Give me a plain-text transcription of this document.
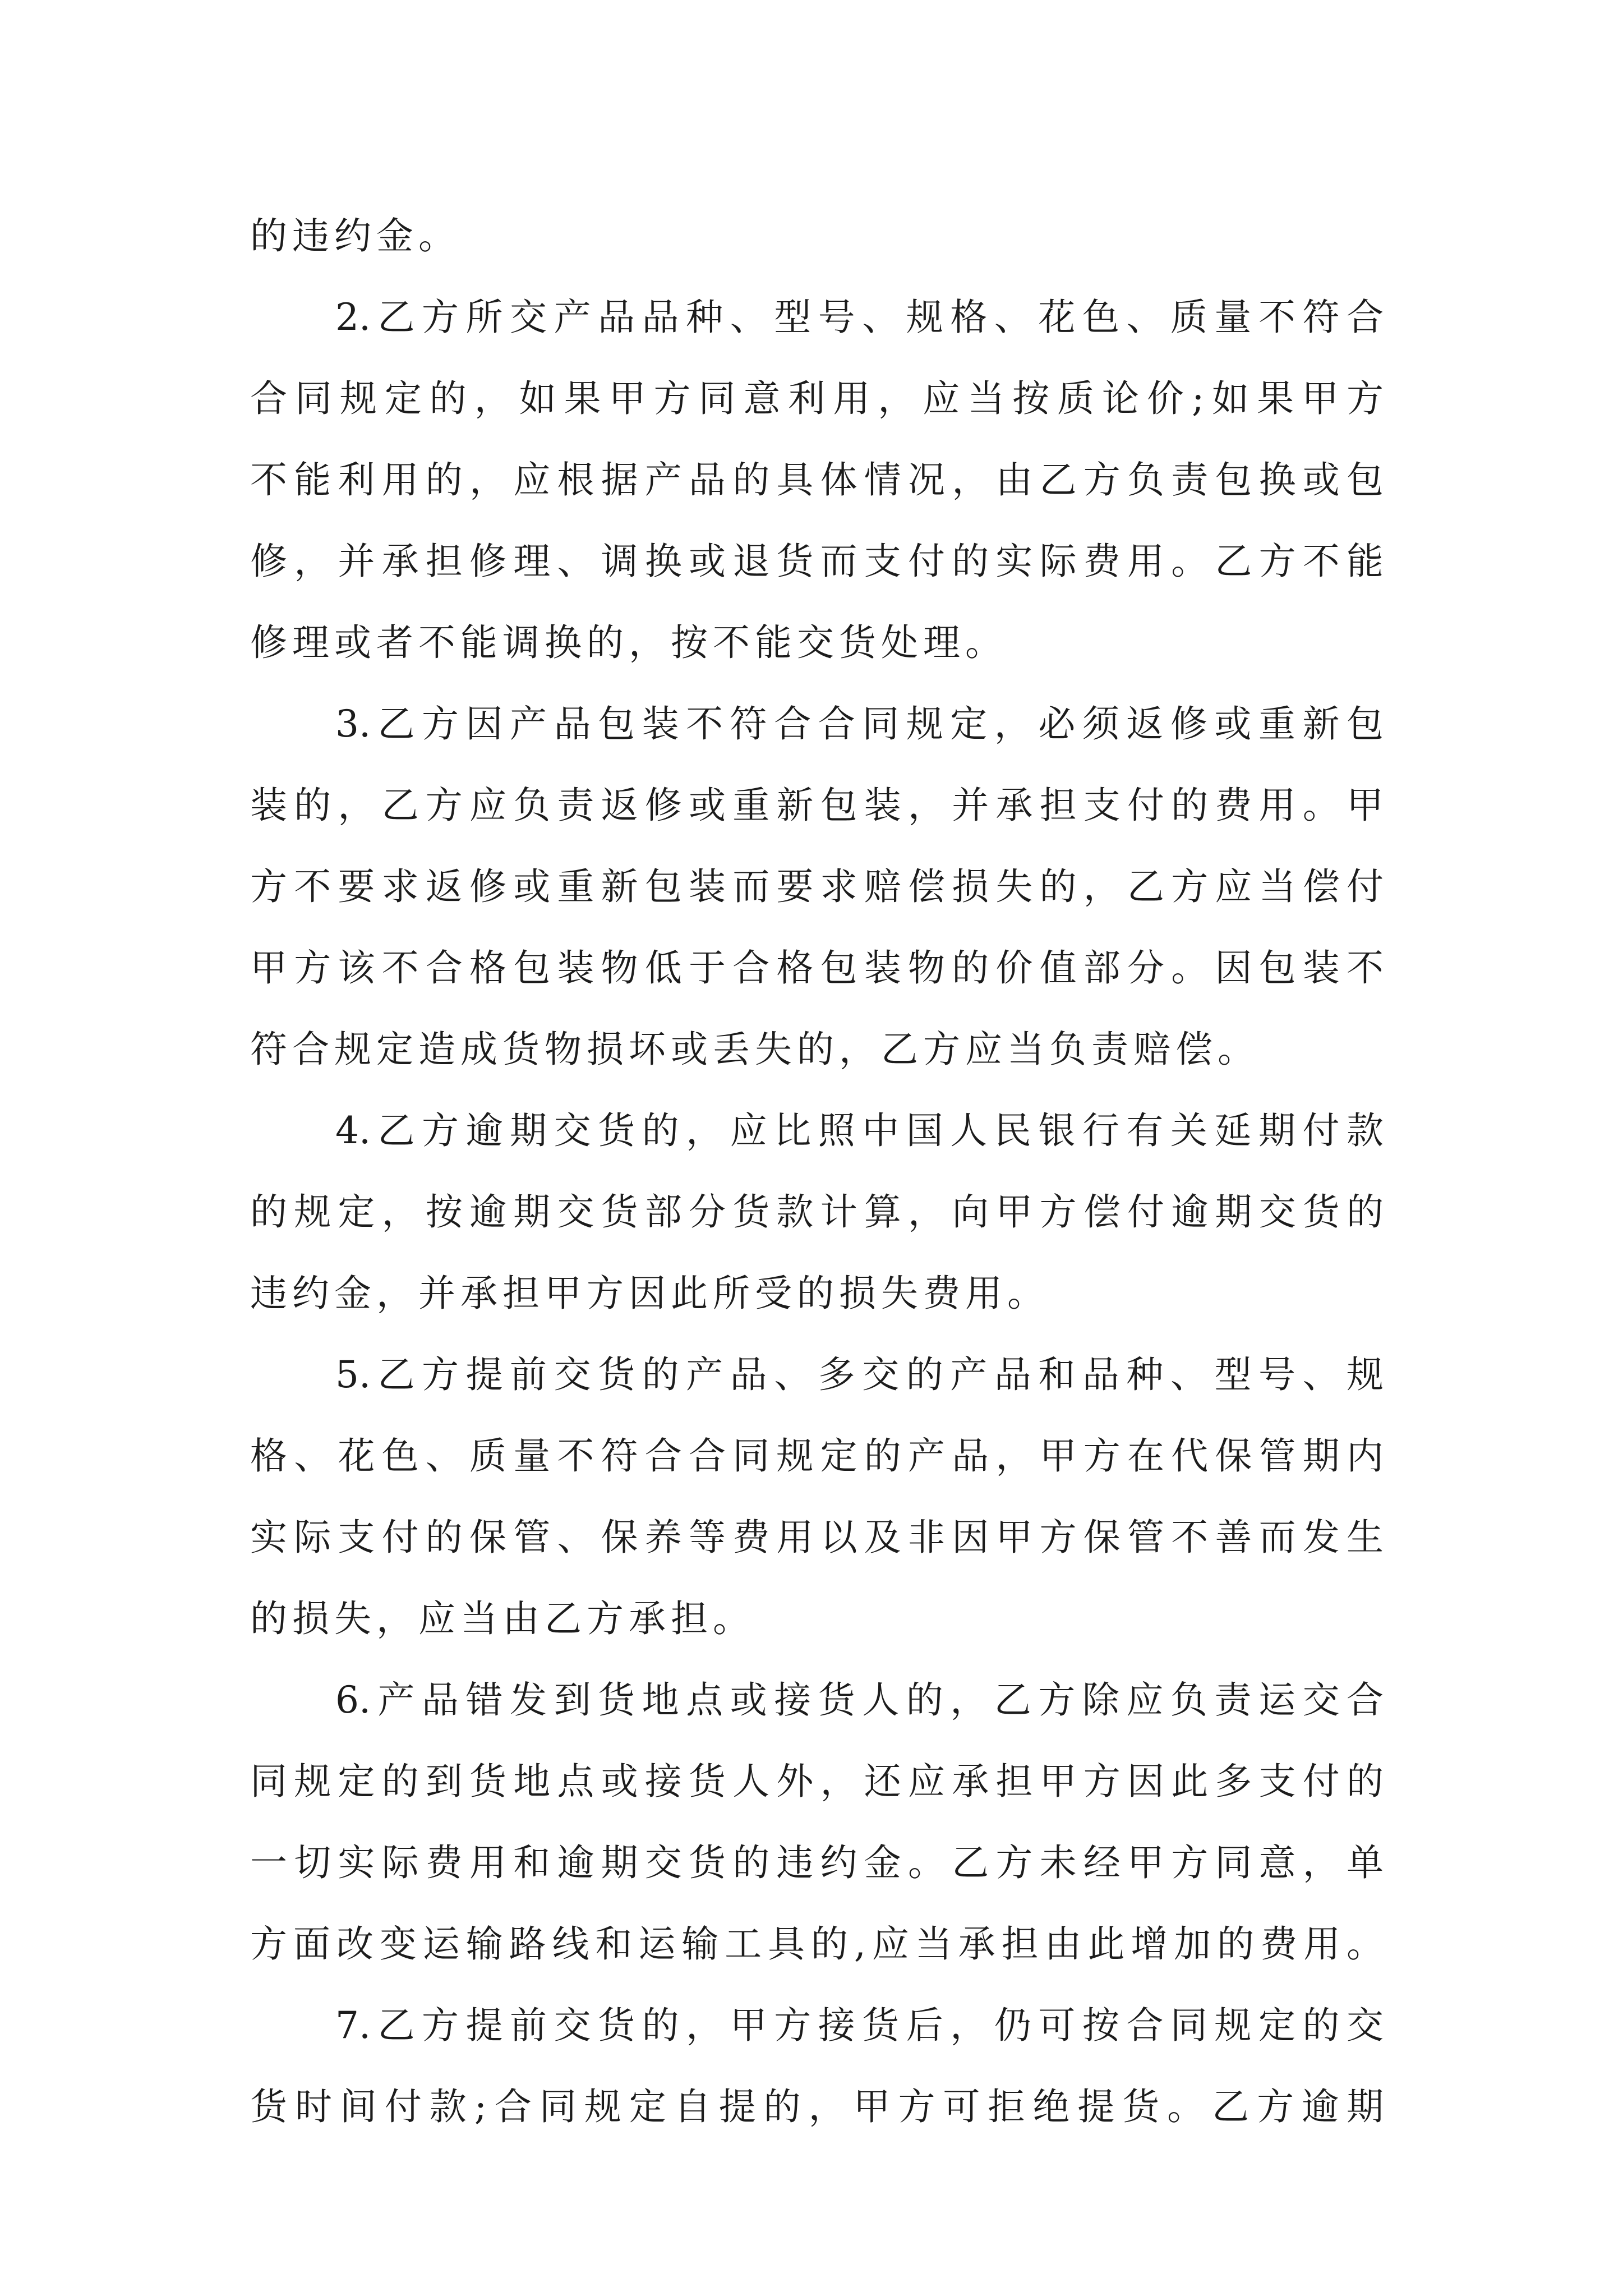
的违约金。
2.乙方所交产品品种、型号、规格、花色、质量不符合
合同规定的，如果甲方同意利用，应当按质论价;如果甲方
不能利用的，应根据产品的具体情况，由乙方负责包换或包
修，并承担修理、调换或退货而支付的实际费用。乙方不能
修理或者不能调换的，按不能交货处理。
3.乙方因产品包装不符合合同规定，必须返修或重新包
装的，乙方应负责返修或重新包装，并承担支付的费用。甲
方不要求返修或重新包装而要求赔偿损失的，乙方应当偿付
甲方该不合格包装物低于合格包装物的价值部分。因包装不
符合规定造成货物损坏或丢失的，乙方应当负责赔偿。
4.乙方逾期交货的，应比照中国人民银行有关延期付款
的规定，按逾期交货部分货款计算，向甲方偿付逾期交货的
违约金，并承担甲方因此所受的损失费用。
5.乙方提前交货的产品、多交的产品和品种、型号、规
格、花色、质量不符合合同规定的产品，甲方在代保管期内
实际支付的保管、保养等费用以及非因甲方保管不善而发生
的损失，应当由乙方承担。
6.产品错发到货地点或接货人的，乙方除应负责运交合
同规定的到货地点或接货人外，还应承担甲方因此多支付的
一切实际费用和逾期交货的违约金。乙方未经甲方同意，单
方面改变运输路线和运输工具的,应当承担由此增加的费用。
7.乙方提前交货的，甲方接货后，仍可按合同规定的交
货时间付款;合同规定自提的，甲方可拒绝提货。乙方逾期
